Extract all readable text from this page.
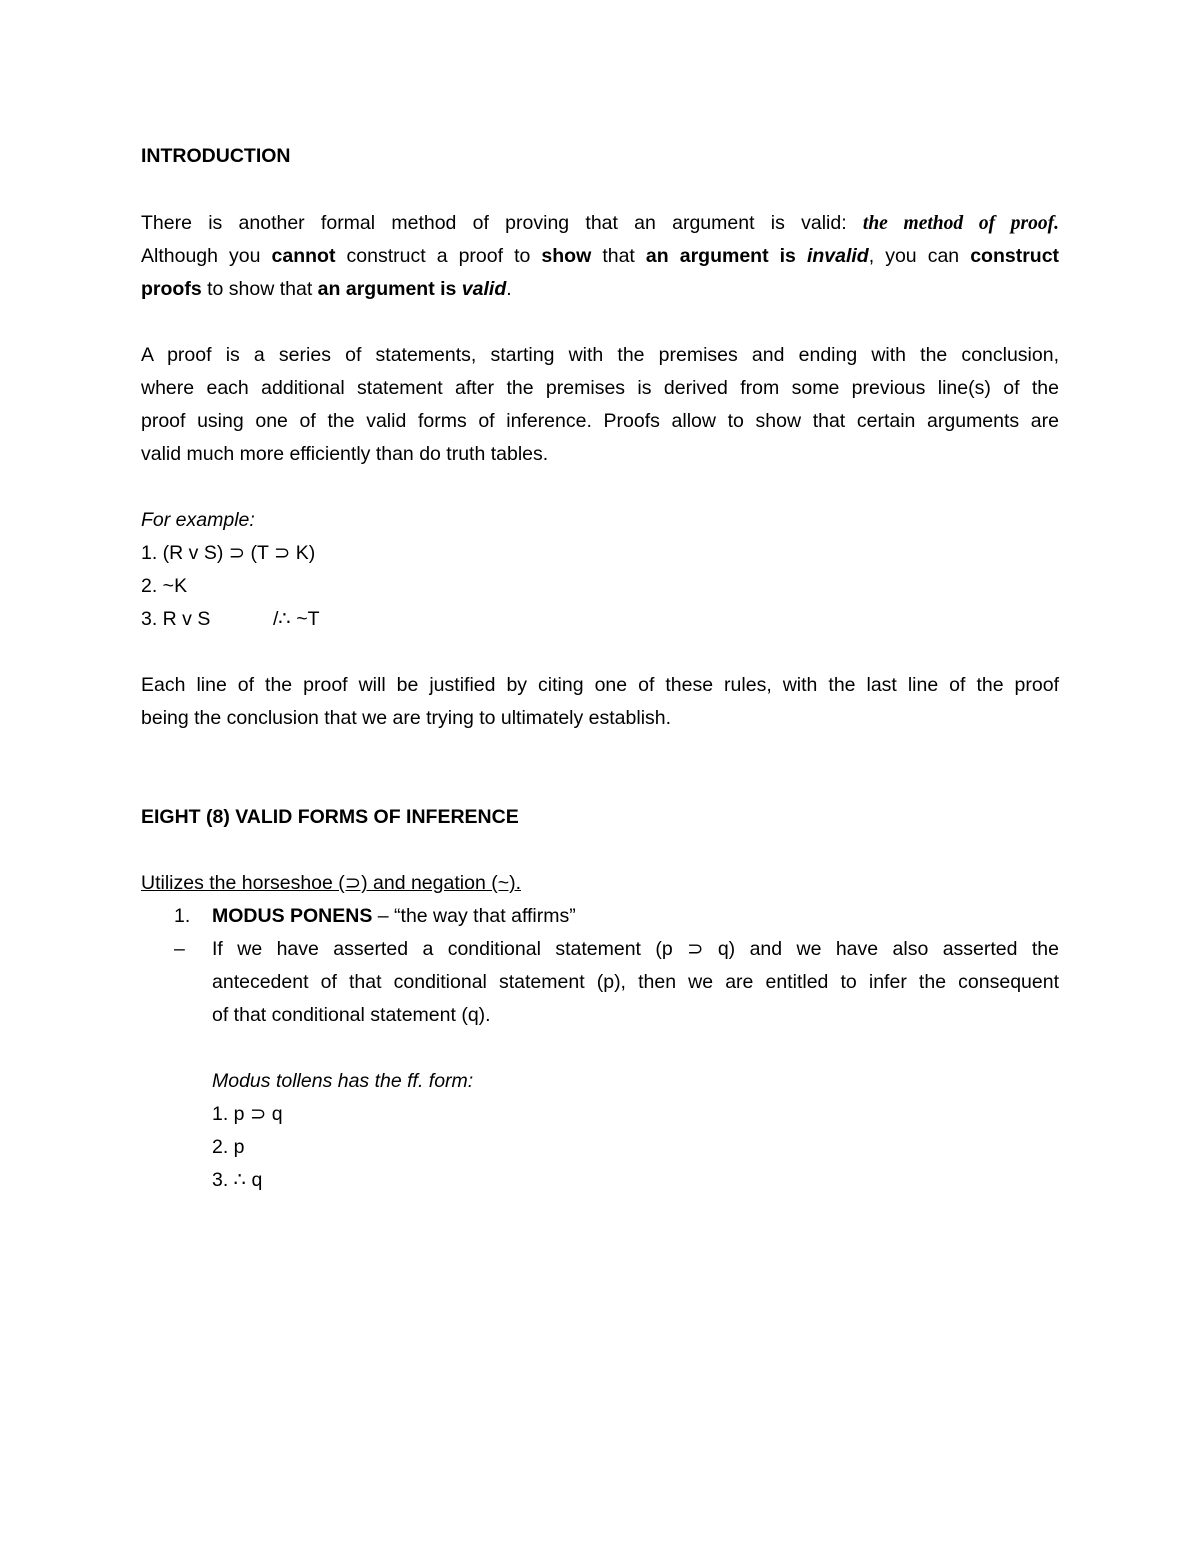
INTRODUCTION
There is another formal method of proving that an argument is valid: the method of proof.
Although you cannot construct a proof to show that an argument is invalid, you can construct
proofs to show that an argument is valid.
A proof is a series of statements, starting with the premises and ending with the conclusion,
where each additional statement after the premises is derived from some previous line(s) of the
proof using one of the valid forms of inference. Proofs allow to show that certain arguments are
valid much more efficiently than do truth tables.
For example:
1. (R v S) ⊃ (T ⊃ K)
2. ~K
3. R v S	/∴ ~T
Each line of the proof will be justified by citing one of these rules, with the last line of the proof
being the conclusion that we are trying to ultimately establish.
EIGHT (8) VALID FORMS OF INFERENCE
Utilizes the horseshoe (⊃) and negation (~).
1. MODUS PONENS – “the way that affirms”
– If we have asserted a conditional statement (p ⊃ q) and we have also asserted the
antecedent of that conditional statement (p), then we are entitled to infer the consequent
of that conditional statement (q).
Modus tollens has the ff. form:
1. p ⊃ q
2. p
3. ∴ q
